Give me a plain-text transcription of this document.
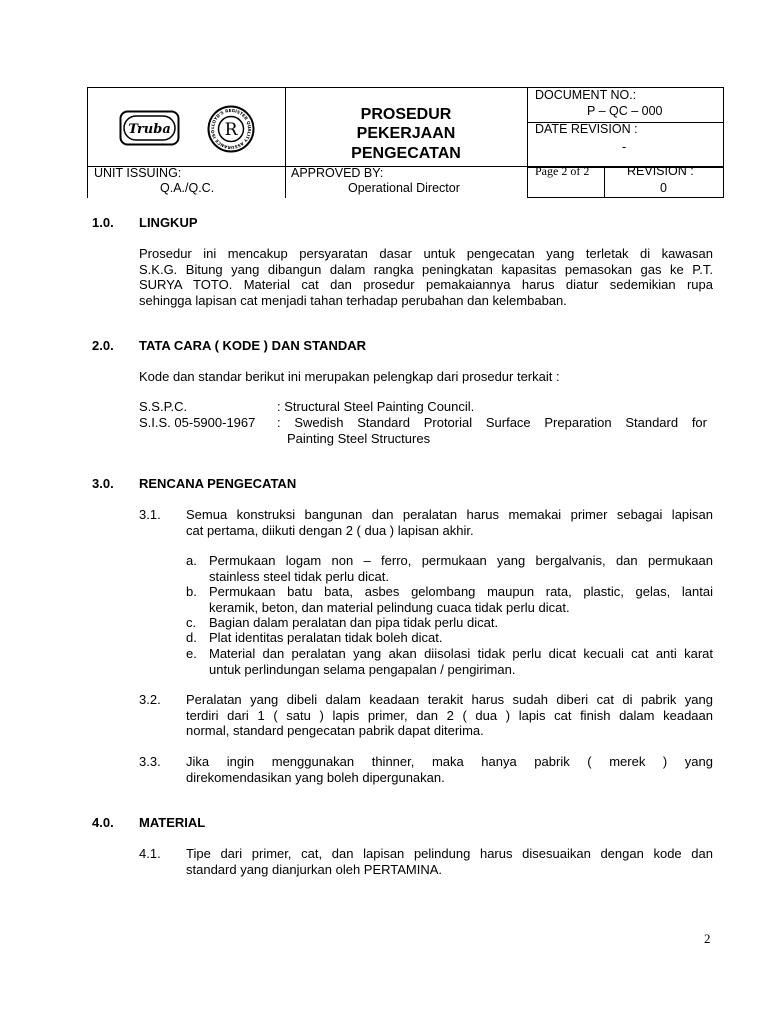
Truba	LLOYD'S REGISTER QUALITY ASSURANCE ISO R
PROSEDUR
PEKERJAAN
PENGECATAN
DOCUMENT NO.:
P – QC – 000
DATE REVISION :
-
UNIT ISSUING:
Q.A./Q.C.
APPROVED BY:
Operational Director
Page 2 of 2	REVISION :
0
1.0. LINGKUP
Prosedur ini mencakup persyaratan dasar untuk pengecatan yang terletak di kawasan
S.K.G. Bitung yang dibangun dalam rangka peningkatan kapasitas pemasokan gas ke P.T.
SURYA TOTO. Material cat dan prosedur pemakaiannya harus diatur sedemikian rupa
sehingga lapisan cat menjadi tahan terhadap perubahan dan kelembaban.
2.0. TATA CARA ( KODE ) DAN STANDAR
Kode dan standar berikut ini merupakan pelengkap dari prosedur terkait :
S.S.P.C.	: Structural Steel Painting Council.
S.I.S. 05-5900-1967 : Swedish Standard Protorial Surface Preparation Standard for
Painting Steel Structures
3.0. RENCANA PENGECATAN
3.1. Semua konstruksi bangunan dan peralatan harus memakai primer sebagai lapisan
cat pertama, diikuti dengan 2 ( dua ) lapisan akhir.
a. Permukaan logam non – ferro, permukaan yang bergalvanis, dan permukaan
stainless steel tidak perlu dicat.
b. Permukaan batu bata, asbes gelombang maupun rata, plastic, gelas, lantai
keramik, beton, dan material pelindung cuaca tidak perlu dicat.
c. Bagian dalam peralatan dan pipa tidak perlu dicat.
d. Plat identitas peralatan tidak boleh dicat.
e. Material dan peralatan yang akan diisolasi tidak perlu dicat kecuali cat anti karat
untuk perlindungan selama pengapalan / pengiriman.
3.2. Peralatan yang dibeli dalam keadaan terakit harus sudah diberi cat di pabrik yang
terdiri dari 1 ( satu ) lapis primer, dan 2 ( dua ) lapis cat finish dalam keadaan
normal, standard pengecatan pabrik dapat diterima.
3.3. Jika ingin menggunakan thinner, maka hanya pabrik ( merek ) yang
direkomendasikan yang boleh dipergunakan.
4.0. MATERIAL
4.1. Tipe dari primer, cat, dan lapisan pelindung harus disesuaikan dengan kode dan
standard yang dianjurkan oleh PERTAMINA.
2
